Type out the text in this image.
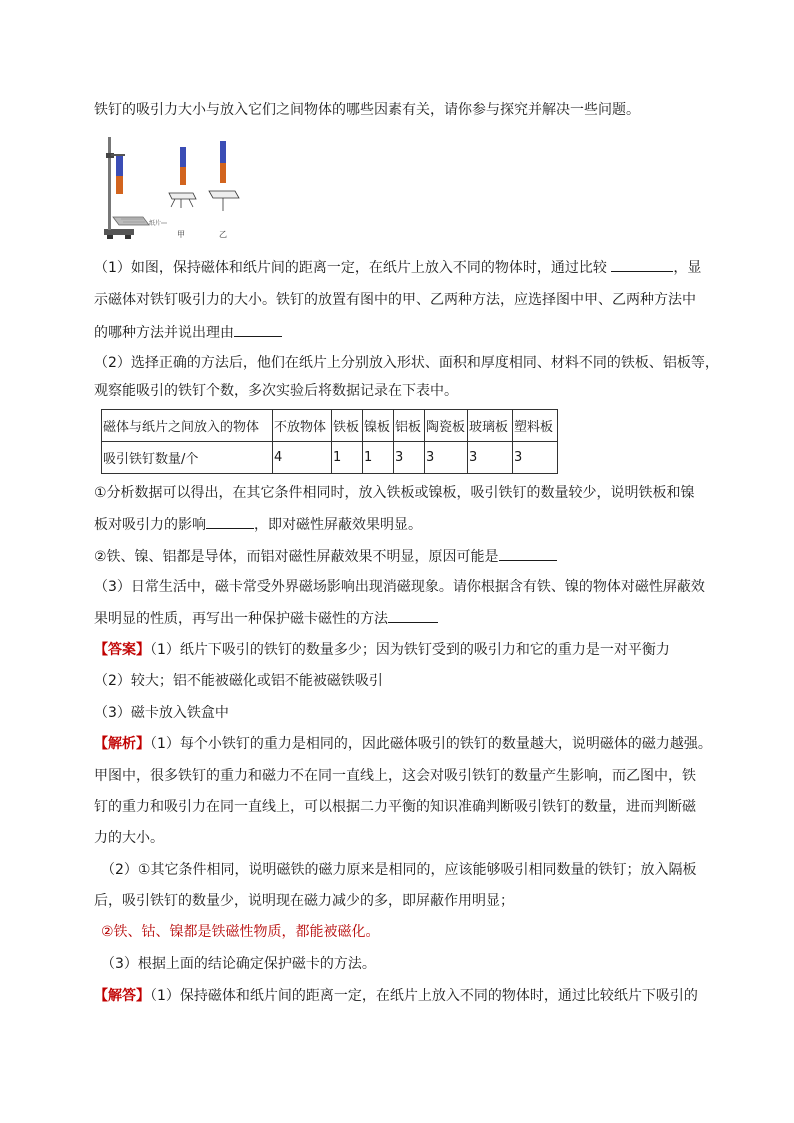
铁钉的吸引力大小与放入它们之间物体的哪些因素有关，请你参与探究并解决一些问题。
纸片
甲	乙
（1）如图，保持磁体和纸片间的距离一定，在纸片上放入不同的物体时，通过比较	，显
示磁体对铁钉吸引力的大小。铁钉的放置有图中的甲、乙两种方法，应选择图中甲、乙两种方法中
的哪种方法并说出理由
（2）选择正确的方法后，他们在纸片上分别放入形状、面积和厚度相同、材料不同的铁板、铝板等，
观察能吸引的铁钉个数，多次实验后将数据记录在下表中。
磁体与纸片之间放入的物体	不放物体	铁板	镍板	铝板	陶瓷板	玻璃板	塑料板
吸引铁钉数量/个	4	1	1	3	3	3	3
①分析数据可以得出，在其它条件相同时，放入铁板或镍板，吸引铁钉的数量较少，说明铁板和镍
板对吸引力的影响	，即对磁性屏蔽效果明显。
②铁、镍、铝都是导体，而铝对磁性屏蔽效果不明显，原因可能是
（3）日常生活中，磁卡常受外界磁场影响出现消磁现象。请你根据含有铁、镍的物体对磁性屏蔽效
果明显的性质，再写出一种保护磁卡磁性的方法
【答案】（1）纸片下吸引的铁钉的数量多少；因为铁钉受到的吸引力和它的重力是一对平衡力
（2）较大；铝不能被磁化或铝不能被磁铁吸引
（3）磁卡放入铁盒中
【解析】（1）每个小铁钉的重力是相同的，因此磁体吸引的铁钉的数量越大，说明磁体的磁力越强。
甲图中，很多铁钉的重力和磁力不在同一直线上，这会对吸引铁钉的数量产生影响，而乙图中，铁
钉的重力和吸引力在同一直线上，可以根据二力平衡的知识准确判断吸引铁钉的数量，进而判断磁
力的大小。
（2）①其它条件相同，说明磁铁的磁力原来是相同的，应该能够吸引相同数量的铁钉；放入隔板
后，吸引铁钉的数量少，说明现在磁力减少的多，即屏蔽作用明显；
②铁、钴、镍都是铁磁性物质，都能被磁化。
（3）根据上面的结论确定保护磁卡的方法。
【解答】（1）保持磁体和纸片间的距离一定，在纸片上放入不同的物体时，通过比较纸片下吸引的
